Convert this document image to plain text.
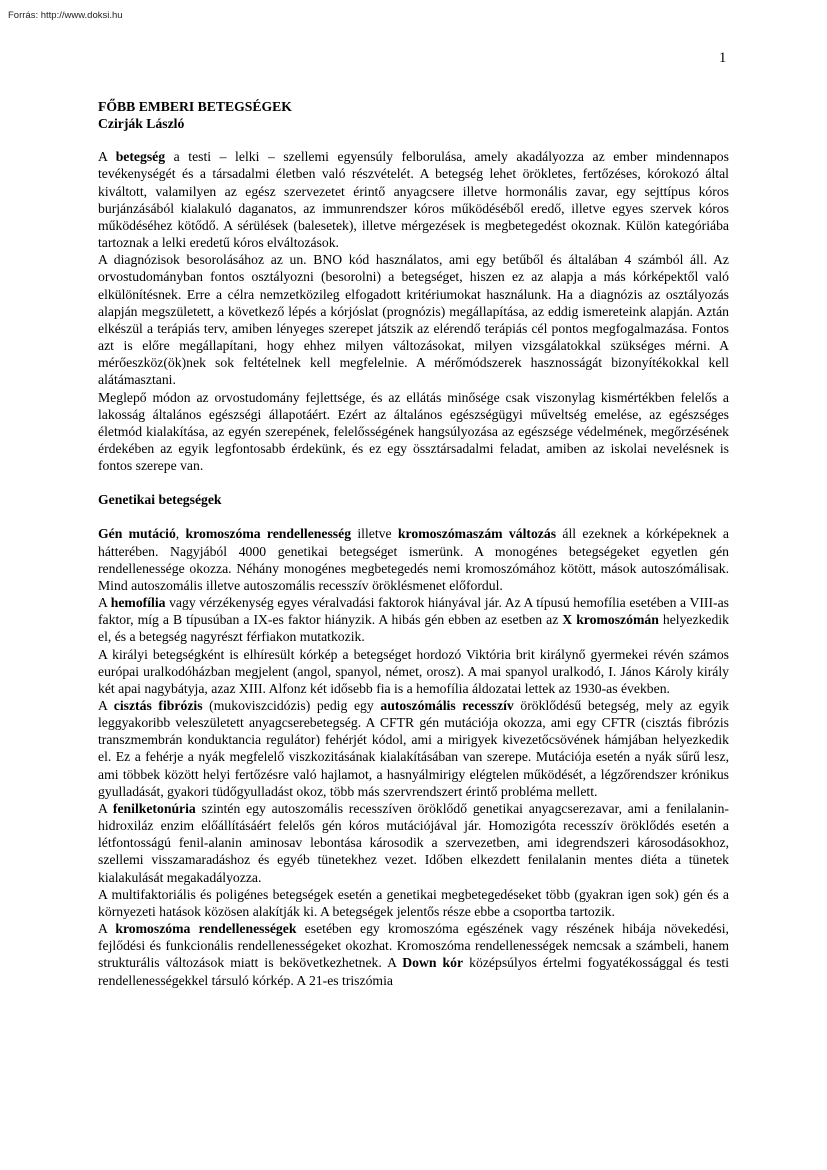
Forrás: http://www.doksi.hu
1
FŐBB EMBERI BETEGSÉGEK
Czirják László

A betegség a testi – lelki – szellemi egyensúly felborulása, amely akadályozza az ember mindennapos tevékenységét és a társadalmi életben való részvételét. A betegség lehet örökletes, fertőzéses, kórokozó által kiváltott, valamilyen az egész szervezetet érintő anyagcsere illetve hormonális zavar, egy sejttípus kóros burjánzásából kialakuló daganatos, az immunrendszer kóros működéséből eredő, illetve egyes szervek kóros működéséhez kötődő. A sérülések (balesetek), illetve mérgezések is megbetegedést okoznak. Külön kategóriába tartoznak a lelki eredetű kóros elváltozások.

A diagnózisok besorolásához az un. BNO kód használatos, ami egy betűből és általában 4 számból áll. Az orvostudományban fontos osztályozni (besorolni) a betegséget, hiszen ez az alapja a más kórképektől való elkülönítésnek. Erre a célra nemzetközileg elfogadott kritériumokat használunk. Ha a diagnózis az osztályozás alapján megszületett, a következő lépés a kórjóslat (prognózis) megállapítása, az eddig ismereteink alapján. Aztán elkészül a terápiás terv, amiben lényeges szerepet játszik az elérendő terápiás cél pontos megfogalmazása. Fontos azt is előre megállapítani, hogy ehhez milyen változásokat, milyen vizsgálatokkal szükséges mérni. A mérőeszköz(ök)nek sok feltételnek kell megfelelnie. A mérőmódszerek hasznosságát bizonyítékokkal kell alátámasztani.

Meglepő módon az orvostudomány fejlettsége, és az ellátás minősége csak viszonylag kismértékben felelős a lakosság általános egészségi állapotáért. Ezért az általános egészségügyi műveltség emelése, az egészséges életmód kialakítása, az egyén szerepének, felelősségének hangsúlyozása az egészsége védelmének, megőrzésének érdekében az egyik legfontosabb érdekünk, és ez egy össztársadalmi feladat, amiben az iskolai nevelésnek is fontos szerepe van.

Genetikai betegségek

Gén mutáció, kromoszóma rendellenesség illetve kromoszómaszám változás áll ezeknek a kórképeknek a hátterében. Nagyjából 4000 genetikai betegséget ismerünk. A monogénes betegségeket egyetlen gén rendellenessége okozza. Néhány monogénes megbetegedés nemi kromoszómához kötött, mások autoszómálisak. Mind autoszomális illetve autoszomális recesszív öröklésmenet előfordul.

A hemofília vagy vérzékenység egyes véralvadási faktorok hiányával jár. Az A típusú hemofília esetében a VIII-as faktor, míg a B típusúban a IX-es faktor hiányzik. A hibás gén ebben az esetben az X kromoszómán helyezkedik el, és a betegség nagyrészt férfiakon mutatkozik.

A királyi betegségként is elhíresült kórkép a betegséget hordozó Viktória brit királynő gyermekei révén számos európai uralkodóházban megjelent (angol, spanyol, német, orosz). A mai spanyol uralkodó, I. János Károly király két apai nagybátyja, azaz XIII. Alfonz két idősebb fia is a hemofília áldozatai lettek az 1930-as években.

A cisztás fibrózis (mukoviszcidózis) pedig egy autoszómális recesszív öröklődésű betegség, mely az egyik leggyakoribb veleszületett anyagcserebetegség. A CFTR gén mutációja okozza, ami egy CFTR (cisztás fibrózis transzmembrán konduktancia regulátor) fehérjét kódol, ami a mirigyek kivezetőcsövének hámjában helyezkedik el. Ez a fehérje a nyák megfelelő viszkozitásának kialakításában van szerepe. Mutációja esetén a nyák sűrű lesz, ami többek között helyi fertőzésre való hajlamot, a hasnyálmirigy elégtelen működését, a légzőrendszer krónikus gyulladását, gyakori tüdőgyulladást okoz, több más szervrendszert érintő probléma mellett.

A fenilketonúria szintén egy autoszomális recesszíven öröklődő genetikai anyagcserezavar, ami a fenilalanin-hidroxiláz enzim előállításáért felelős gén kóros mutációjával jár. Homozigóta recesszív öröklődés esetén a létfontosságú fenil-alanin aminosav lebontása károsodik a szervezetben, ami idegrendszeri károsodásokhoz, szellemi visszamaradáshoz és egyéb tünetekhez vezet. Időben elkezdett fenilalanin mentes diéta a tünetek kialakulását megakadályozza.

A multifaktoriális és poligénes betegségek esetén a genetikai megbetegedéseket több (gyakran igen sok) gén és a környezeti hatások közösen alakítják ki. A betegségek jelentős része ebbe a csoportba tartozik.

A kromoszóma rendellenességek esetében egy kromoszóma egészének vagy részének hibája növekedési, fejlődési és funkcionális rendellenességeket okozhat. Kromoszóma rendellenességek nemcsak a számbeli, hanem strukturális változások miatt is bekövetkezhetnek. A Down kór középsúlyos értelmi fogyatékossággal és testi rendellenességekkel társuló kórkép. A 21-es triszómia
